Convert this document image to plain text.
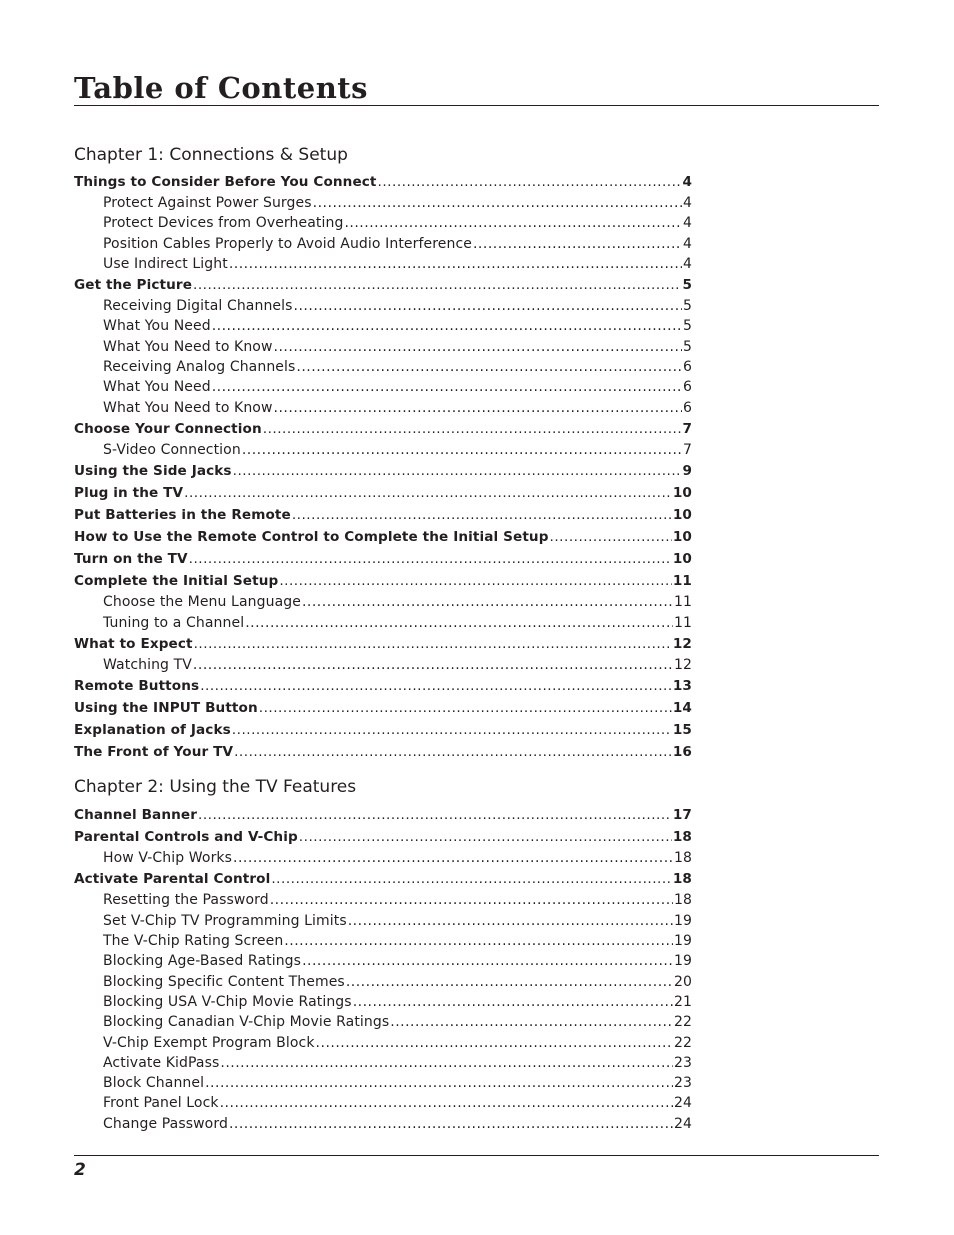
Table of Contents
Chapter 1: Connections & Setup
Things to Consider Before You Connect .....	4
Protect Against Power Surges .....	4
Protect Devices from Overheating .....	4
Position Cables Properly to Avoid Audio Interference .....	4
Use Indirect Light .....	4
Get the Picture .....	5
Receiving Digital Channels .....	5
What You Need .....	5
What You Need to Know .....	5
Receiving Analog Channels .....	6
What You Need .....	6
What You Need to Know .....	6
Choose Your Connection .....	7
S-Video Connection .....	7
Using the Side Jacks .....	9
Plug in the TV .....	10
Put Batteries in the Remote .....	10
How to Use the Remote Control to Complete the Initial Setup .....	10
Turn on the TV .....	10
Complete the Initial Setup .....	11
Choose the Menu Language .....	11
Tuning to a Channel .....	11
What to Expect .....	12
Watching TV .....	12
Remote Buttons .....	13
Using the INPUT Button .....	14
Explanation of Jacks .....	15
The Front of Your TV .....	16
Chapter 2: Using the TV Features
Channel Banner .....	17
Parental Controls and V-Chip .....	18
How V-Chip Works .....	18
Activate Parental Control .....	18
Resetting the Password .....	18
Set V-Chip TV Programming Limits .....	19
The V-Chip Rating Screen .....	19
Blocking Age-Based Ratings .....	19
Blocking Specific Content Themes .....	20
Blocking USA V-Chip Movie Ratings .....	21
Blocking Canadian V-Chip Movie Ratings .....	22
V-Chip Exempt Program Block .....	22
Activate KidPass .....	23
Block Channel .....	23
Front Panel Lock .....	24
Change Password .....	24

2
